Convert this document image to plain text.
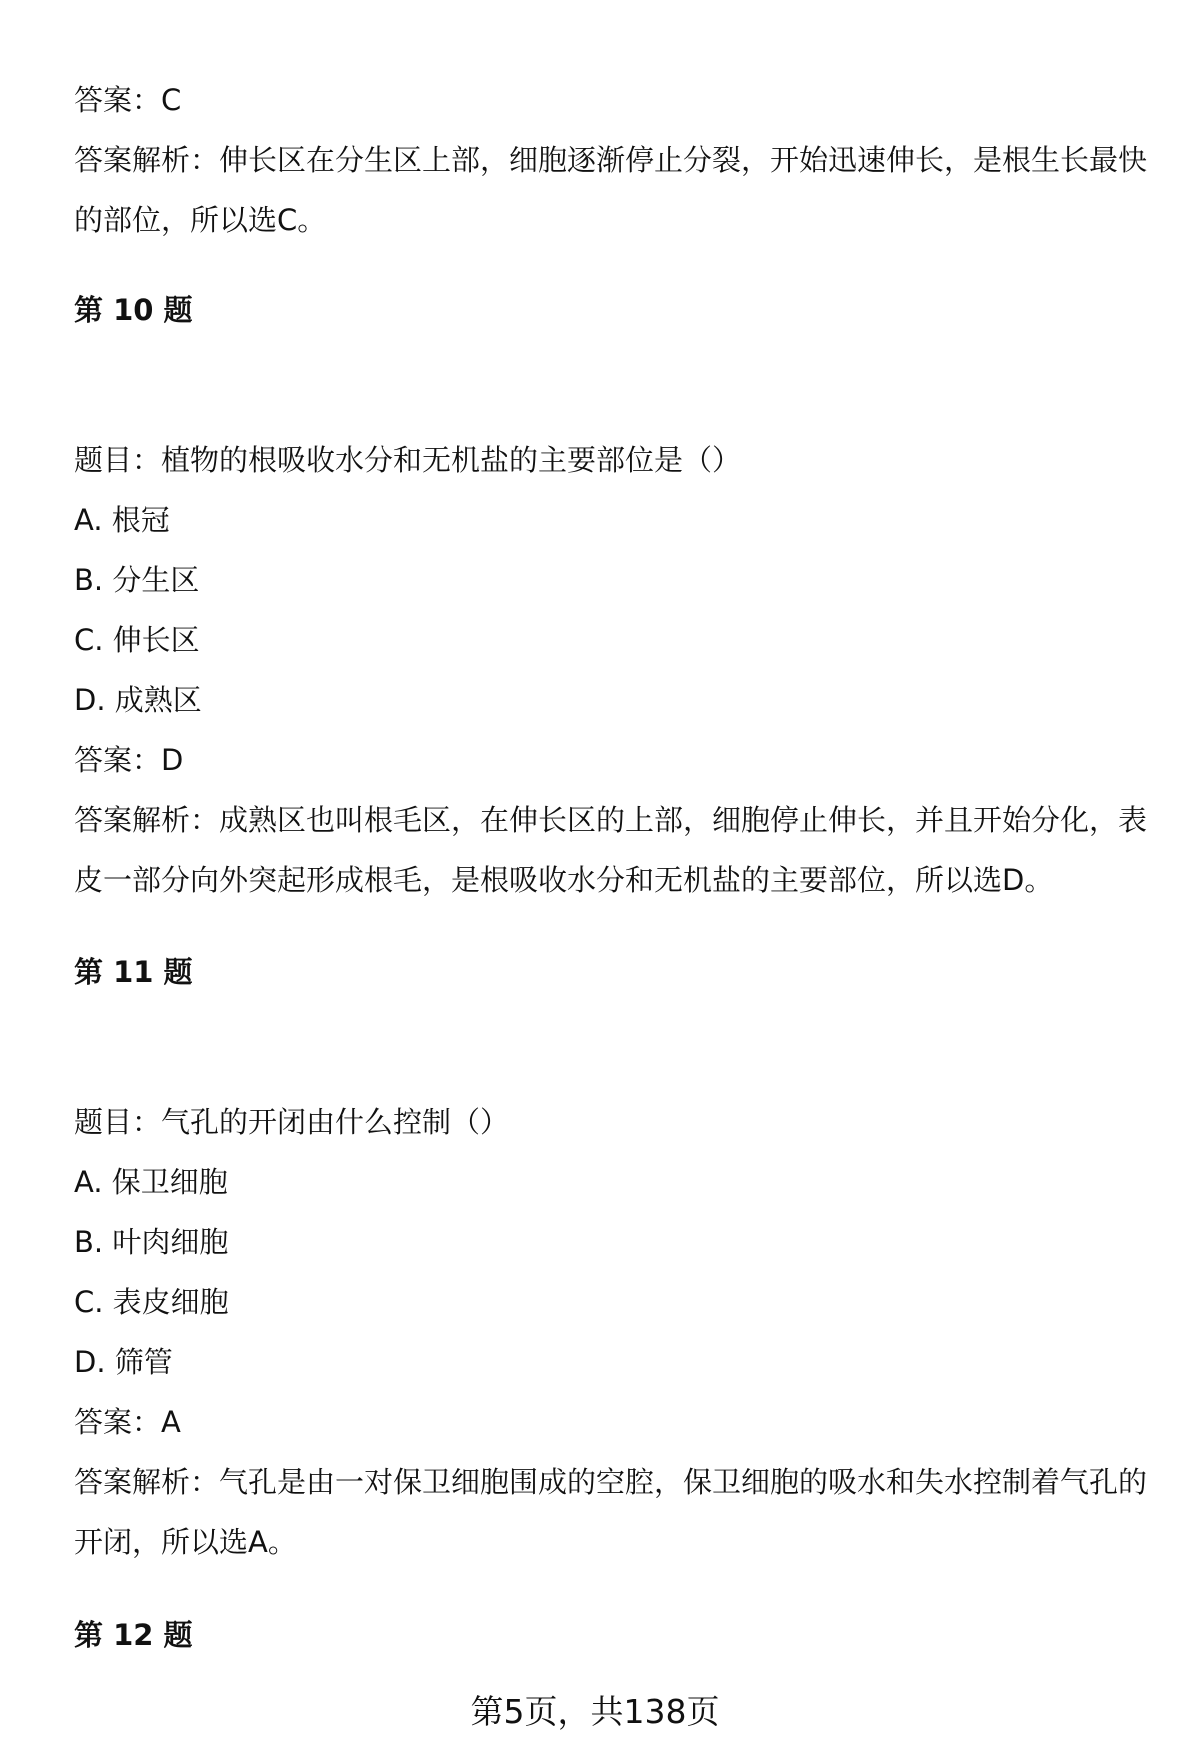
答案：C
答案解析：伸长区在分生区上部，细胞逐渐停止分裂，开始迅速伸长，是根生长最快的部位，所以选C。
第 10 题
题目：植物的根吸收水分和无机盐的主要部位是（）
A. 根冠
B. 分生区
C. 伸长区
D. 成熟区
答案：D
答案解析：成熟区也叫根毛区，在伸长区的上部，细胞停止伸长，并且开始分化，表皮一部分向外突起形成根毛，是根吸收水分和无机盐的主要部位，所以选D。
第 11 题
题目：气孔的开闭由什么控制（）
A. 保卫细胞
B. 叶肉细胞
C. 表皮细胞
D. 筛管
答案：A
答案解析：气孔是由一对保卫细胞围成的空腔，保卫细胞的吸水和失水控制着气孔的开闭，所以选A。
第 12 题
第5页，共138页
